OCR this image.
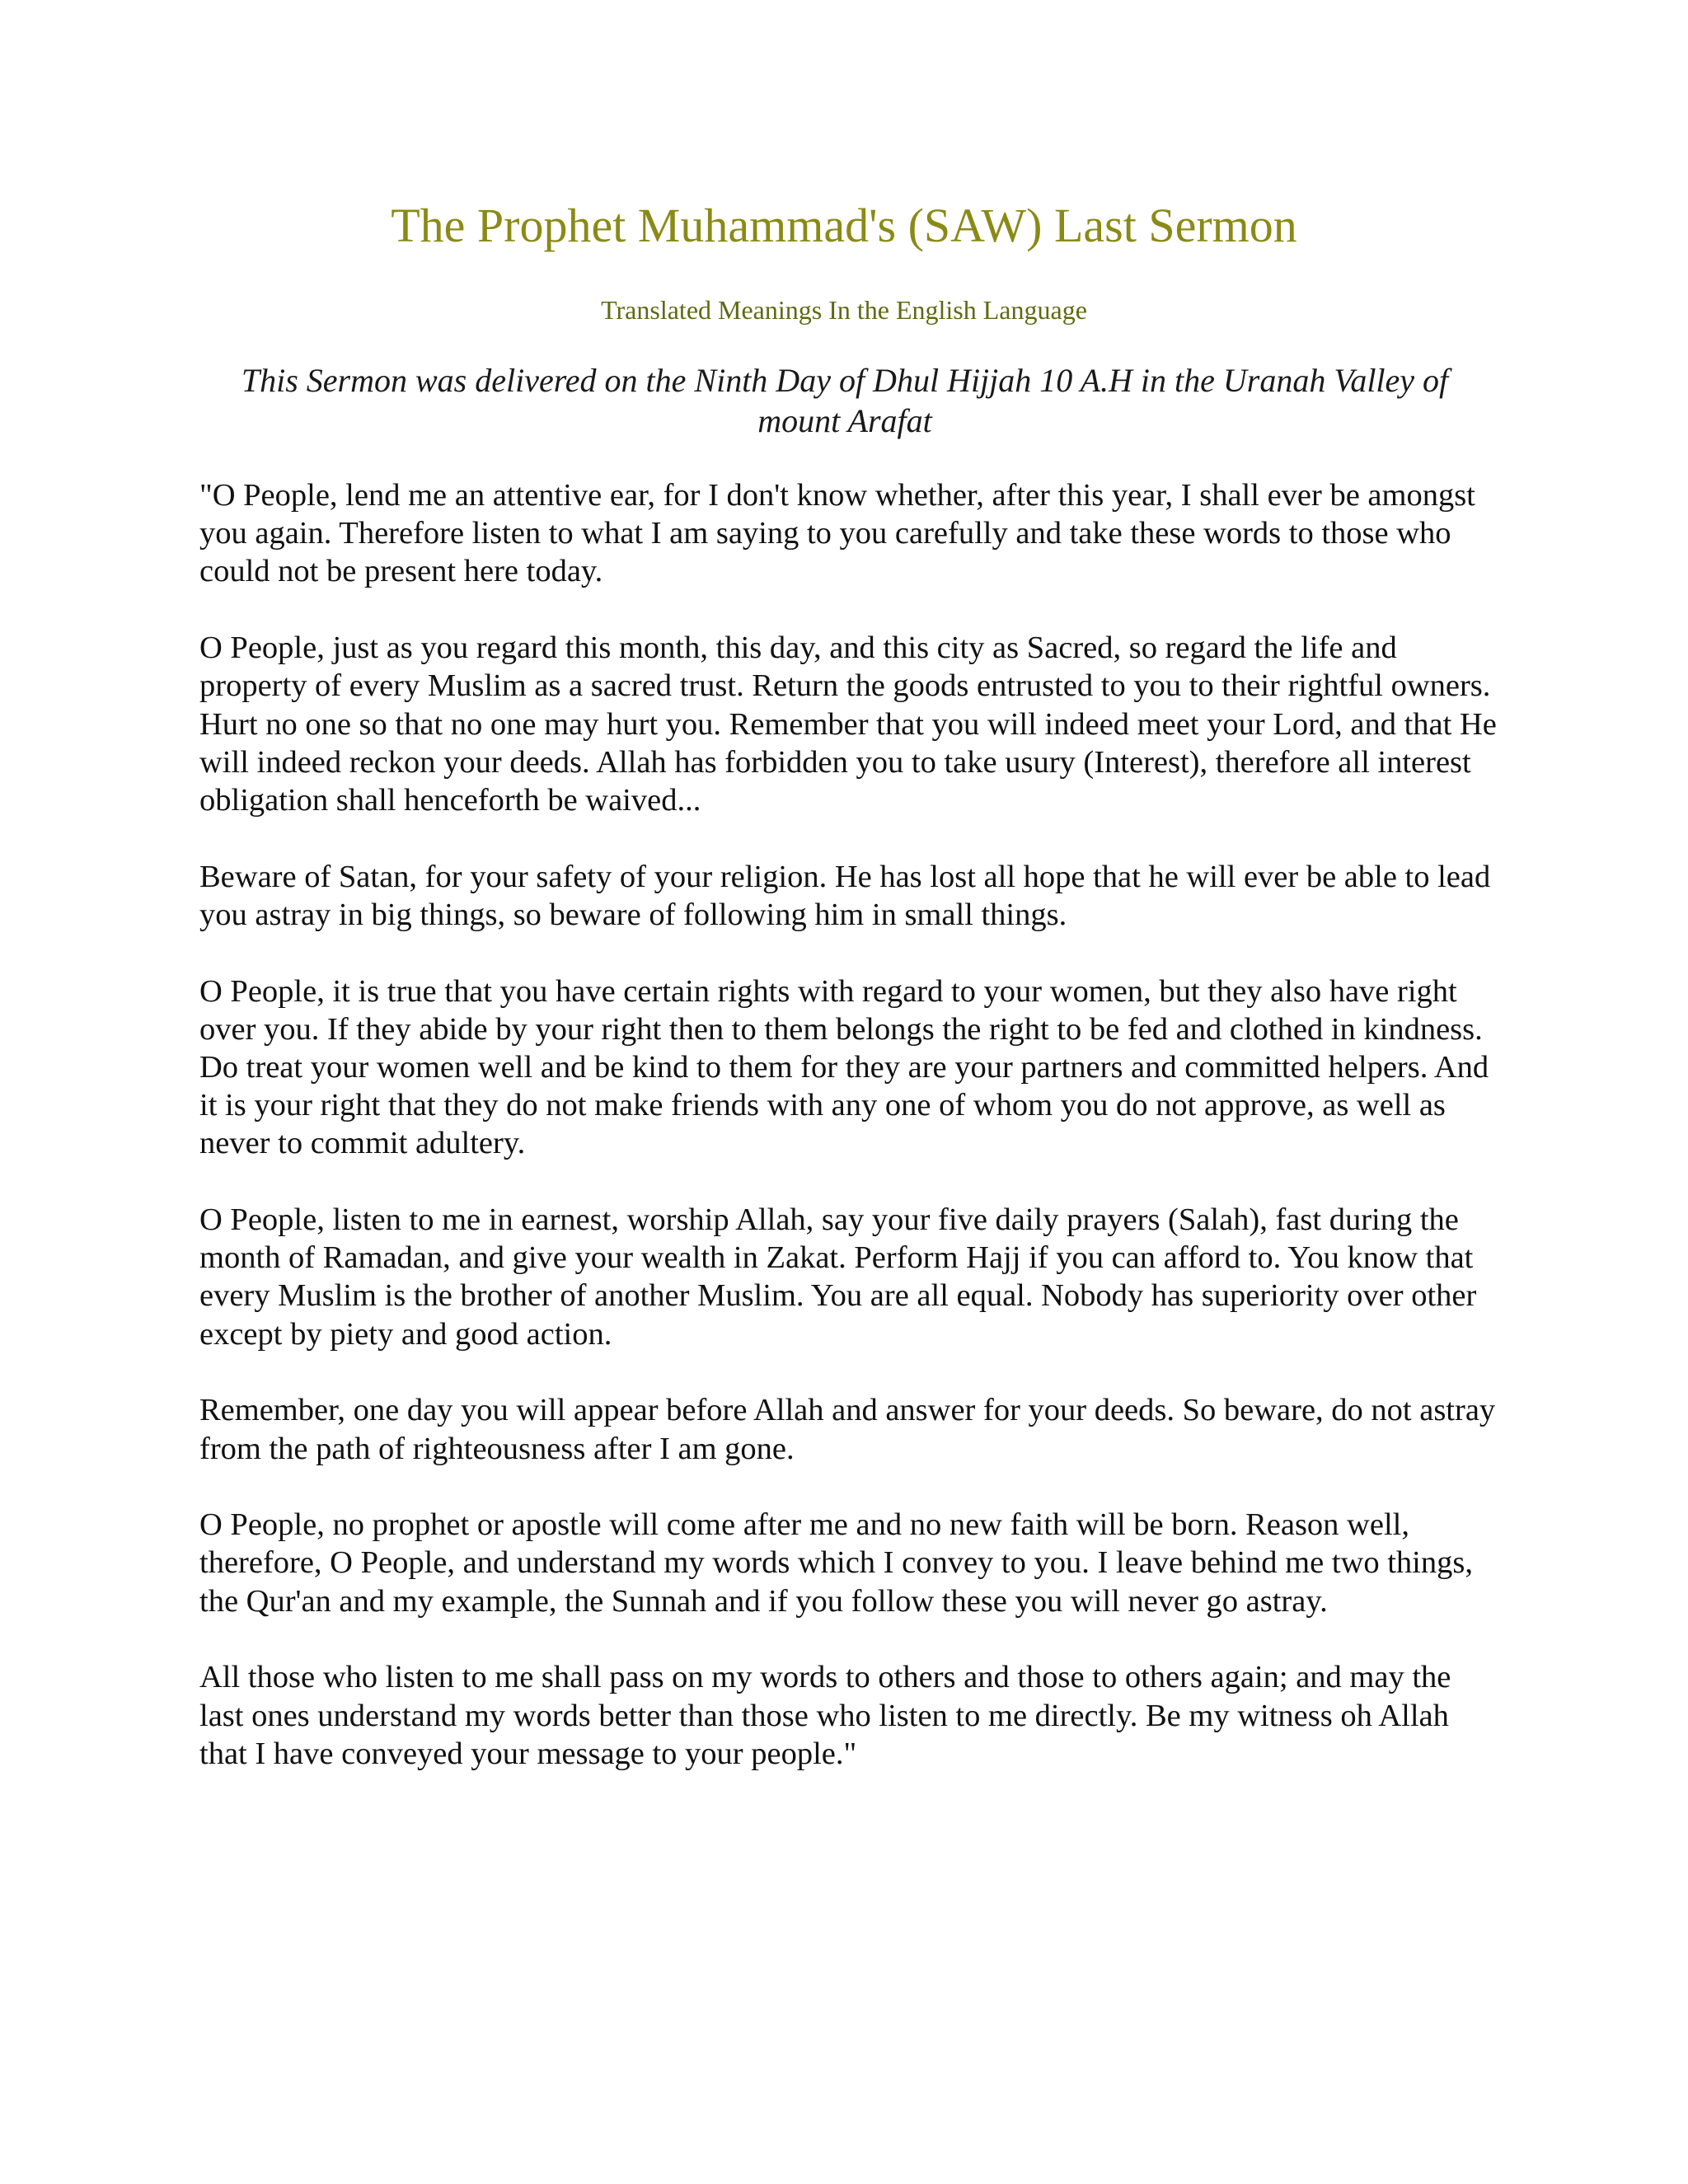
The Prophet Muhammad's (SAW) Last Sermon
Translated Meanings In the English Language
This Sermon was delivered on the Ninth Day of Dhul Hijjah 10 A.H in the Uranah Valley of mount Arafat

"O People, lend me an attentive ear, for I don't know whether, after this year, I shall ever be amongst you again. Therefore listen to what I am saying to you carefully and take these words to those who could not be present here today.

O People, just as you regard this month, this day, and this city as Sacred, so regard the life and property of every Muslim as a sacred trust. Return the goods entrusted to you to their rightful owners. Hurt no one so that no one may hurt you. Remember that you will indeed meet your Lord, and that He will indeed reckon your deeds. Allah has forbidden you to take usury (Interest), therefore all interest obligation shall henceforth be waived...

Beware of Satan, for your safety of your religion. He has lost all hope that he will ever be able to lead you astray in big things, so beware of following him in small things.

O People, it is true that you have certain rights with regard to your women, but they also have right over you. If they abide by your right then to them belongs the right to be fed and clothed in kindness. Do treat your women well and be kind to them for they are your partners and committed helpers. And it is your right that they do not make friends with any one of whom you do not approve, as well as never to commit adultery.

O People, listen to me in earnest, worship Allah, say your five daily prayers (Salah), fast during the month of Ramadan, and give your wealth in Zakat. Perform Hajj if you can afford to. You know that every Muslim is the brother of another Muslim. You are all equal. Nobody has superiority over other except by piety and good action.

Remember, one day you will appear before Allah and answer for your deeds. So beware, do not astray from the path of righteousness after I am gone.

O People, no prophet or apostle will come after me and no new faith will be born. Reason well, therefore, O People, and understand my words which I convey to you. I leave behind me two things, the Qur'an and my example, the Sunnah and if you follow these you will never go astray.

All those who listen to me shall pass on my words to others and those to others again; and may the last ones understand my words better than those who listen to me directly. Be my witness oh Allah that I have conveyed your message to your people."
